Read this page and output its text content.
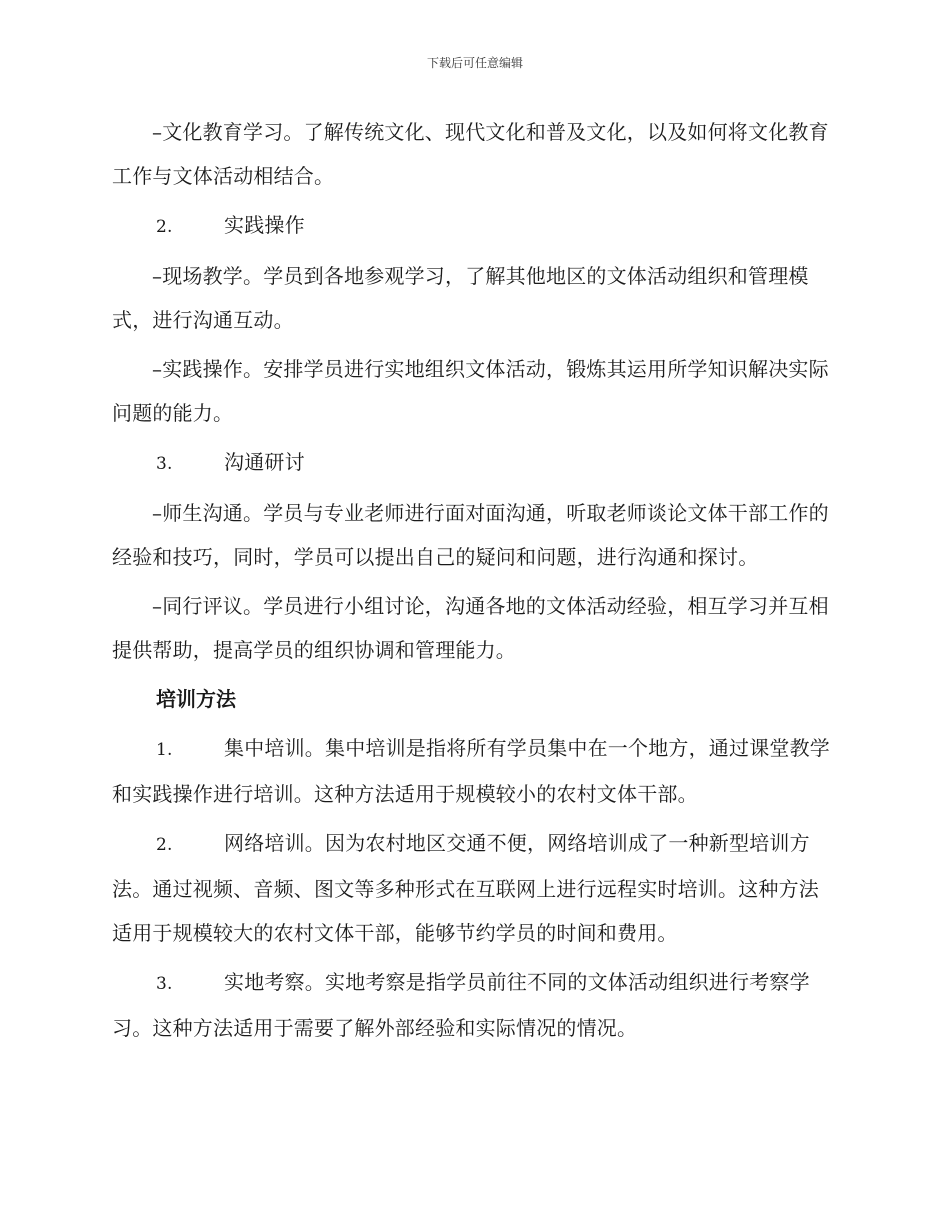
下载后可任意编辑

–文化教育学习。了解传统文化、现代文化和普及文化，以及如何将文化教育工作与文体活动相结合。

2.	实践操作

–现场教学。学员到各地参观学习，了解其他地区的文体活动组织和管理模式，进行沟通互动。

–实践操作。安排学员进行实地组织文体活动，锻炼其运用所学知识解决实际问题的能力。

3.	沟通研讨

–师生沟通。学员与专业老师进行面对面沟通，听取老师谈论文体干部工作的经验和技巧，同时，学员可以提出自己的疑问和问题，进行沟通和探讨。

–同行评议。学员进行小组讨论，沟通各地的文体活动经验，相互学习并互相提供帮助，提高学员的组织协调和管理能力。

培训方法

1.	集中培训。集中培训是指将所有学员集中在一个地方，通过课堂教学和实践操作进行培训。这种方法适用于规模较小的农村文体干部。

2.	网络培训。因为农村地区交通不便，网络培训成了一种新型培训方法。通过视频、音频、图文等多种形式在互联网上进行远程实时培训。这种方法适用于规模较大的农村文体干部，能够节约学员的时间和费用。

3.	实地考察。实地考察是指学员前往不同的文体活动组织进行考察学习。这种方法适用于需要了解外部经验和实际情况的情况。
